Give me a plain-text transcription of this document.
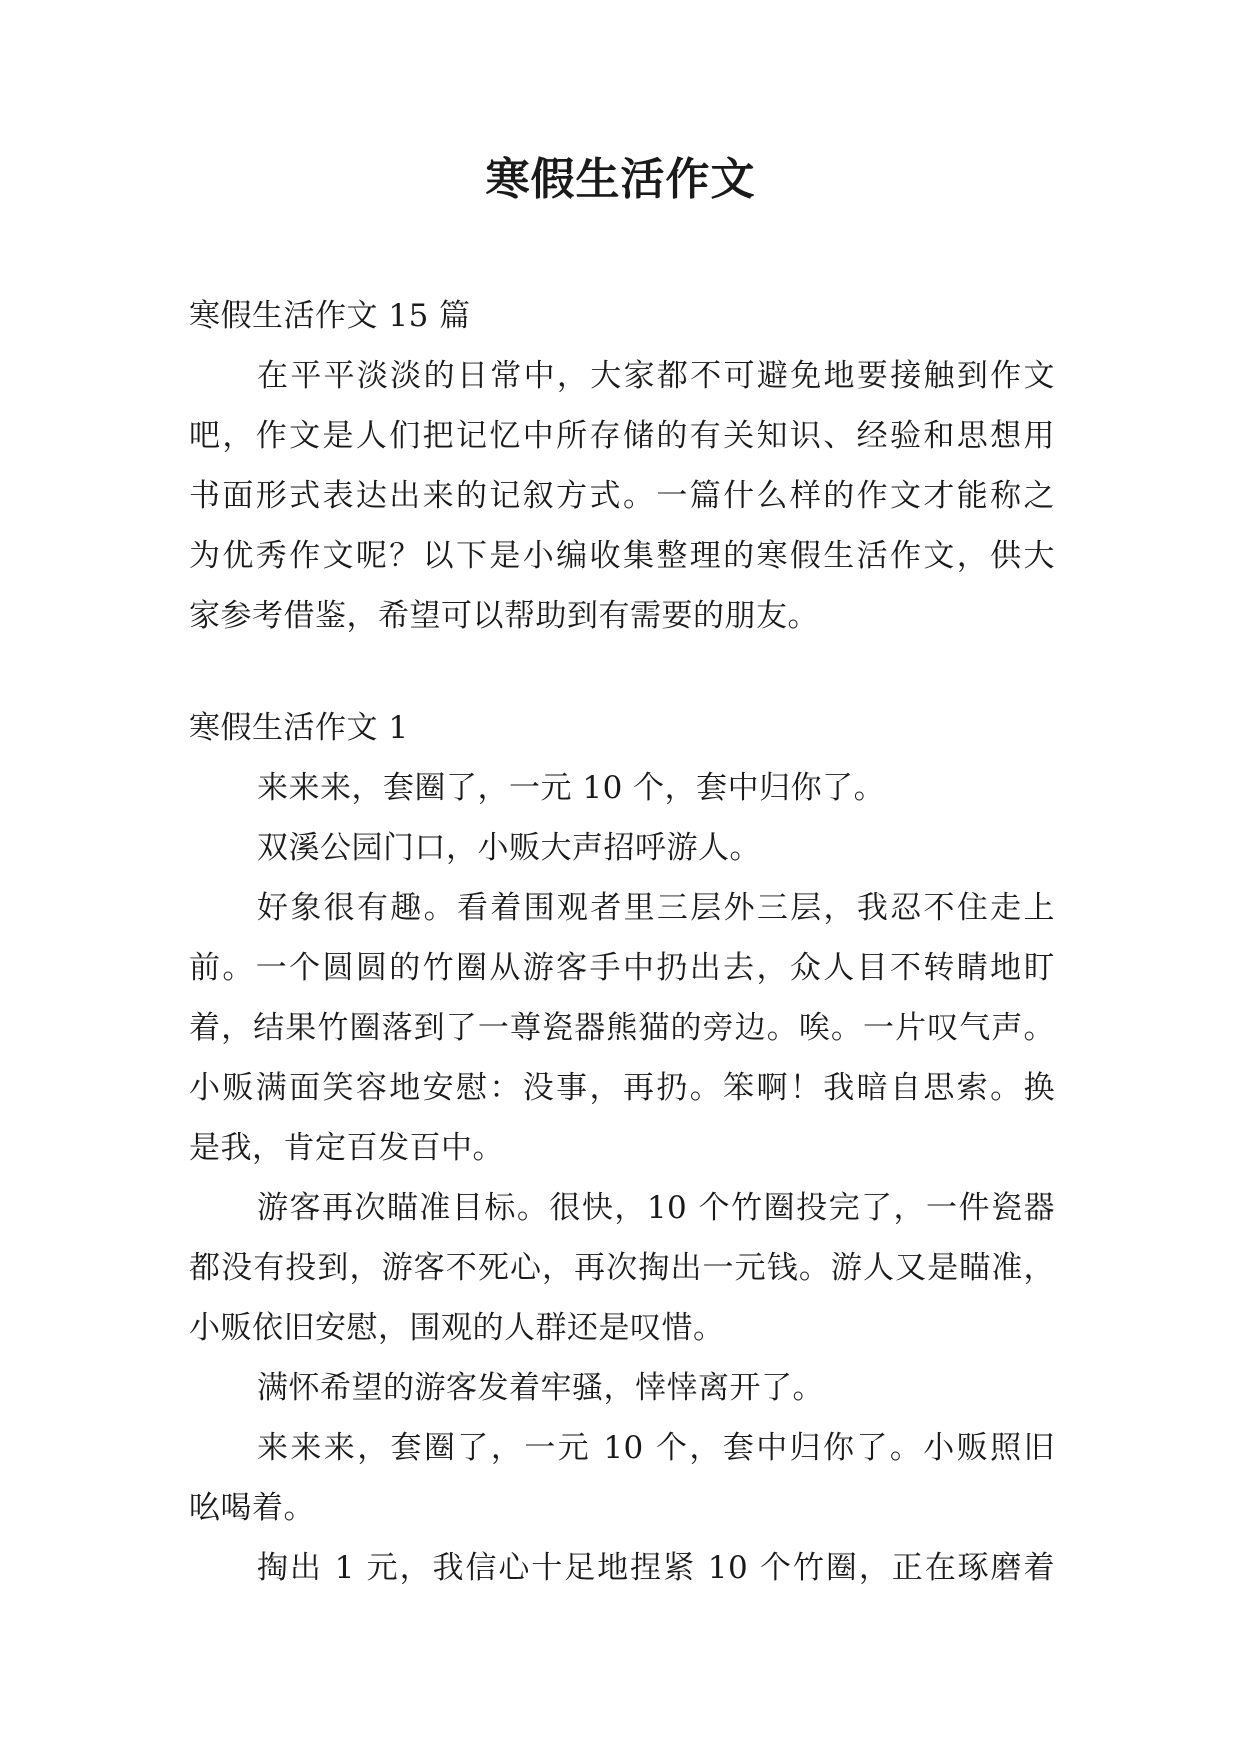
寒假生活作文
寒假生活作文 15 篇
在平平淡淡的日常中，大家都不可避免地要接触到作文
吧，作文是人们把记忆中所存储的有关知识、经验和思想用
书面形式表达出来的记叙方式。一篇什么样的作文才能称之
为优秀作文呢？以下是小编收集整理的寒假生活作文，供大
家参考借鉴，希望可以帮助到有需要的朋友。
寒假生活作文 1
来来来，套圈了，一元 10 个，套中归你了。
双溪公园门口，小贩大声招呼游人。
好象很有趣。看着围观者里三层外三层，我忍不住走上
前。一个圆圆的竹圈从游客手中扔出去，众人目不转睛地盯
着，结果竹圈落到了一尊瓷器熊猫的旁边。唉。一片叹气声。
小贩满面笑容地安慰：没事，再扔。笨啊！我暗自思索。换
是我，肯定百发百中。
游客再次瞄准目标。很快，10 个竹圈投完了，一件瓷器
都没有投到，游客不死心，再次掏出一元钱。游人又是瞄准，
小贩依旧安慰，围观的人群还是叹惜。
满怀希望的游客发着牢骚，悻悻离开了。
来来来，套圈了，一元 10 个，套中归你了。小贩照旧
吆喝着。
掏出 1 元，我信心十足地捏紧 10 个竹圈，正在琢磨着
